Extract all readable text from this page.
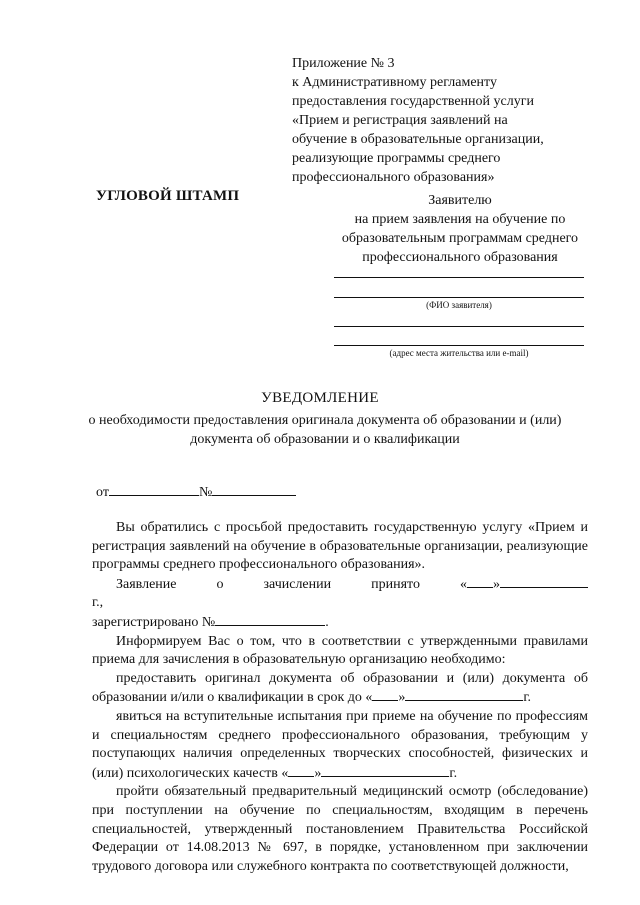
Приложение № 3
к Административному регламенту
предоставления государственной услуги
«Прием и регистрация заявлений на
обучение в образовательные организации,
реализующие программы среднего
профессионального образования»
УГЛОВОЙ ШТАМП	Заявителю
на прием заявления на обучение по
образовательным программам среднего
профессионального образования
(ФИО заявителя)
(адрес места жительства или e-mail)
УВЕДОМЛЕНИЕ
о необходимости предоставления оригинала документа об образовании и (или)
документа об образовании и о квалификации
от	№

Вы обратились с просьбой предоставить государственную услугу «Прием и регистрация заявлений на обучение в образовательные организации, реализующие программы среднего профессионального образования».

Заявление о зачислении принято « »г.,

зарегистрировано №	.

Информируем Вас о том, что в соответствии с утвержденными правилами приема для зачисления в образовательную организацию необходимо:

предоставить оригинал документа об образовании и (или) документа об образовании и/или о квалификации в срок до « »	г.

явиться на вступительные испытания при приеме на обучение по профессиям и специальностям среднего профессионального образования, требующим у поступающих наличия определенных творческих способностей, физических и (или) психологических качеств « »	г.

пройти обязательный предварительный медицинский осмотр (обследование) при поступлении на обучение по специальностям, входящим в перечень специальностей, утвержденный постановлением Правительства Российской Федерации от 14.08.2013 № 697, в порядке, установленном при заключении трудового договора или служебного контракта по соответствующей должности,
